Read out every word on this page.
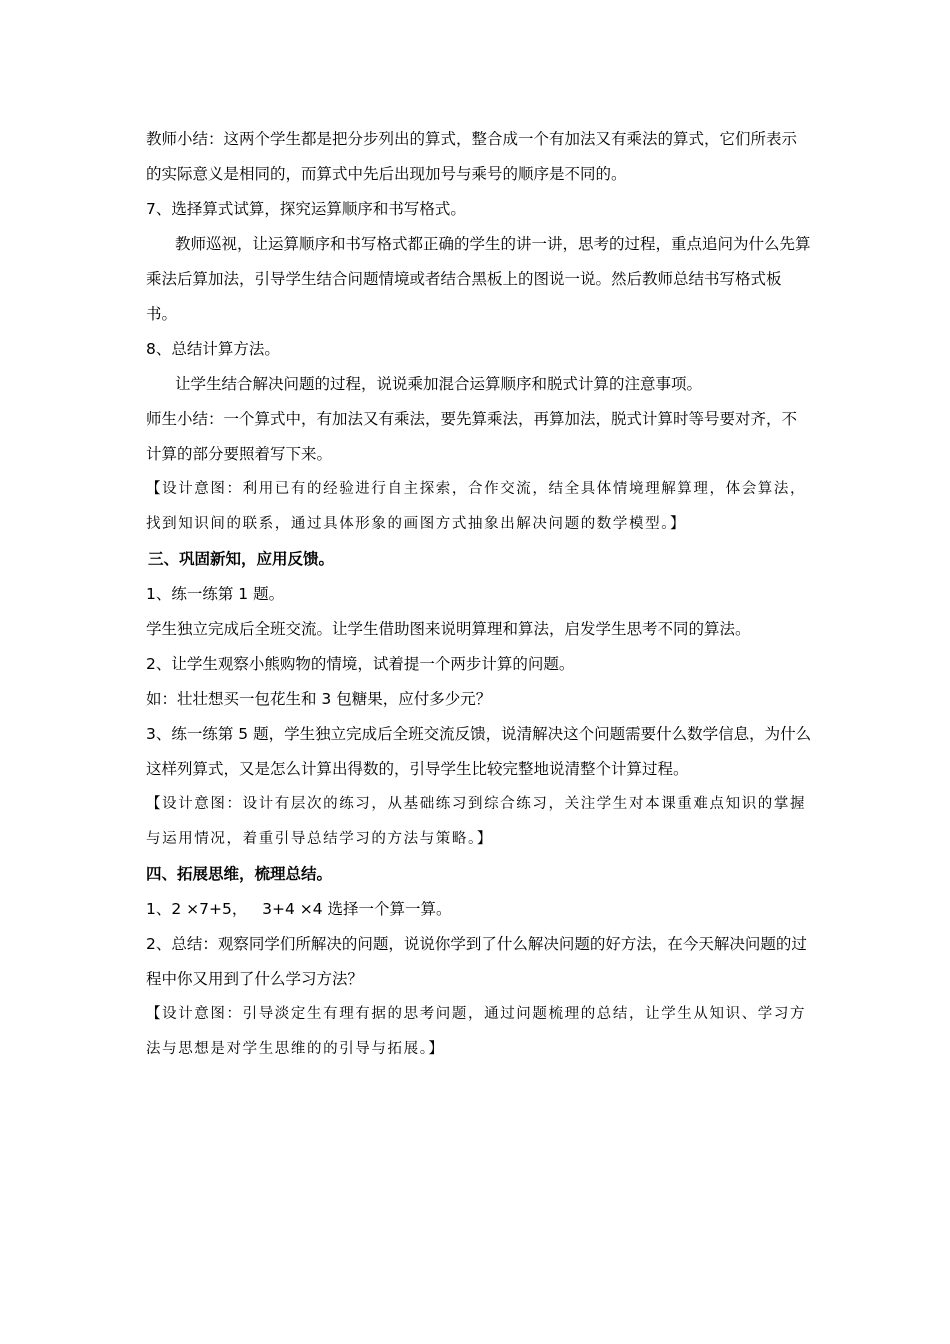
教师小结：这两个学生都是把分步列出的算式，整合成一个有加法又有乘法的算式，它们所表示的实际意义是相同的，而算式中先后出现加号与乘号的顺序是不同的。

7、选择算式试算，探究运算顺序和书写格式。

教师巡视，让运算顺序和书写格式都正确的学生的讲一讲，思考的过程，重点追问为什么先算乘法后算加法，引导学生结合问题情境或者结合黑板上的图说一说。然后教师总结书写格式板书。

8、总结计算方法。

让学生结合解决问题的过程，说说乘加混合运算顺序和脱式计算的注意事项。

师生小结：一个算式中，有加法又有乘法，要先算乘法，再算加法，脱式计算时等号要对齐，不计算的部分要照着写下来。

【设计意图：利用已有的经验进行自主探索，合作交流，结全具体情境理解算理，体会算法，找到知识间的联系，通过具体形象的画图方式抽象出解决问题的数学模型。】

三、巩固新知，应用反馈。

1、练一练第 1 题。

学生独立完成后全班交流。让学生借助图来说明算理和算法，启发学生思考不同的算法。

2、让学生观察小熊购物的情境，试着提一个两步计算的问题。

如：壮壮想买一包花生和 3 包糖果，应付多少元？

3、练一练第 5 题，学生独立完成后全班交流反馈，说清解决这个问题需要什么数学信息，为什么这样列算式，又是怎么计算出得数的，引导学生比较完整地说清整个计算过程。

【设计意图：设计有层次的练习，从基础练习到综合练习，关注学生对本课重难点知识的掌握与运用情况，着重引导总结学习的方法与策略。】

四、拓展思维，梳理总结。

1、2 ×7+5，   3+4 ×4 选择一个算一算。

2、总结：观察同学们所解决的问题，说说你学到了什么解决问题的好方法，在今天解决问题的过程中你又用到了什么学习方法？

【设计意图：引导淡定生有理有据的思考问题，通过问题梳理的总结，让学生从知识、学习方法与思想是对学生思维的的引导与拓展。】
